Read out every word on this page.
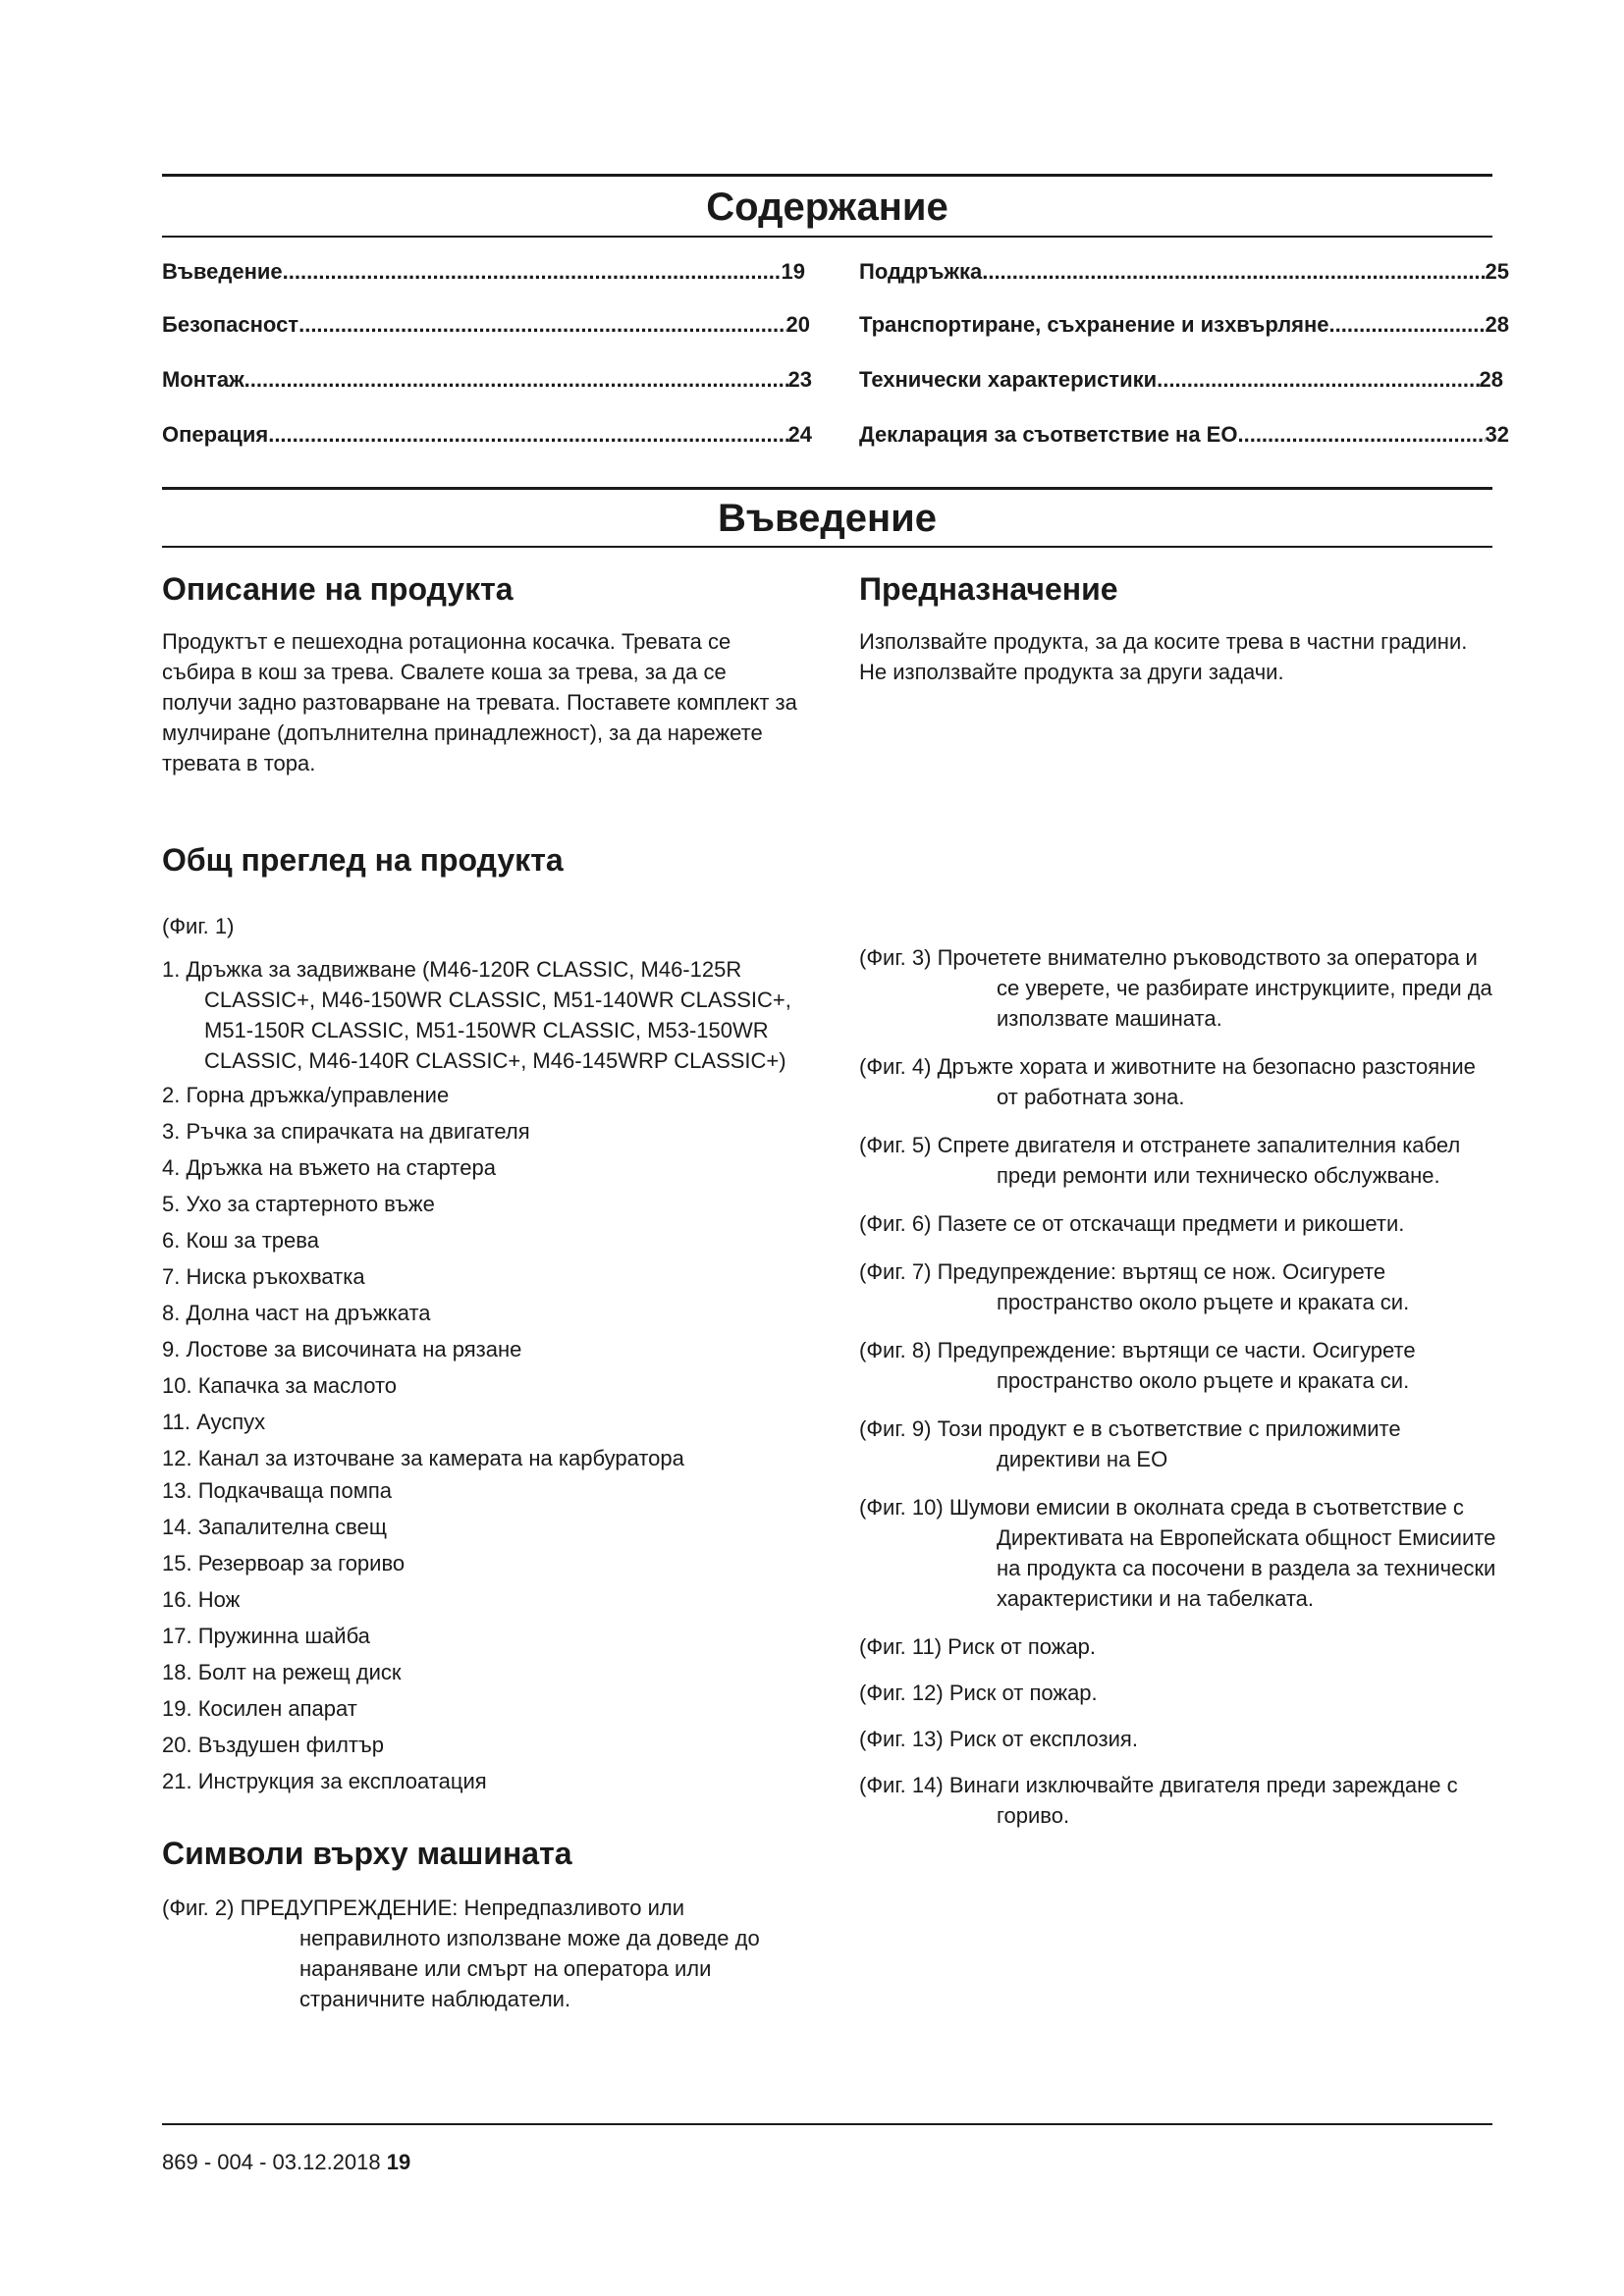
Содержание
Въведение .....	19
Безопасност .....	20
Монтаж .....	23
Операция .....	24
Поддръжка .....	25
Транспортиране, съхранение и изхвърляне .....	28
Технически характеристики .....	28
Декларация за съответствие на ЕО .....	32
Въведение
Описание на продукта

Продуктът е пешеходна ротационна косачка. Тревата се събира в кош за трева. Свалете коша за трева, за да се получи задно разтоварване на тревата. Поставете комплект за мулчиране (допълнителна принадлежност), за да нарежете тревата в тора.

Предназначение

Използвайте продукта, за да косите трева в частни градини. Не използвайте продукта за други задачи.

Общ преглед на продукта

(Фиг. 1)

1. Дръжка за задвижване (M46-120R CLASSIC, M46-125R CLASSIC+, M46-150WR CLASSIC, M51-140WR CLASSIC+, M51-150R CLASSIC, M51-150WR CLASSIC, M53-150WR CLASSIC, M46-140R CLASSIC+, M46-145WRP CLASSIC+)
2. Горна дръжка/управление
3. Ръчка за спирачката на двигателя
4. Дръжка на въжето на стартера
5. Ухо за стартерното въже
6. Кош за трева
7. Ниска ръкохватка
8. Долна част на дръжката
9. Лостове за височината на рязане
10. Капачка за маслото
11. Ауспух
12. Канал за източване за камерата на карбуратора
13. Подкачваща помпа
14. Запалителна свещ
15. Резервоар за гориво
16. Нож
17. Пружинна шайба
18. Болт на режещ диск
19. Косилен апарат
20. Въздушен филтър
21. Инструкция за експлоатация
Символи върху машината

(Фиг. 2) ПРЕДУПРЕЖДЕНИЕ: Непредпазливото или неправилното използване може да доведе до нараняване или смърт на оператора или страничните наблюдатели.

(Фиг. 3) Прочетете внимателно ръководството за оператора и се уверете, че разбирате инструкциите, преди да използвате машината.

(Фиг. 4) Дръжте хората и животните на безопасно разстояние от работната зона.

(Фиг. 5) Спрете двигателя и отстранете запалителния кабел преди ремонти или техническо обслужване.

(Фиг. 6) Пазете се от отскачащи предмети и рикошети.

(Фиг. 7) Предупреждение: въртящ се нож. Осигурете пространство около ръцете и краката си.

(Фиг. 8) Предупреждение: въртящи се части. Осигурете пространство около ръцете и краката си.

(Фиг. 9) Този продукт е в съответствие с приложимите директиви на ЕО

(Фиг. 10) Шумови емисии в околната среда в съответствие с Директивата на Европейската общност Емисиите на продукта са посочени в раздела за технически характеристики и на табелката.

(Фиг. 11) Риск от пожар.

(Фиг. 12) Риск от пожар.

(Фиг. 13) Риск от експлозия.

(Фиг. 14) Винаги изключвайте двигателя преди зареждане с гориво.

869 - 004 - 03.12.2018 19
